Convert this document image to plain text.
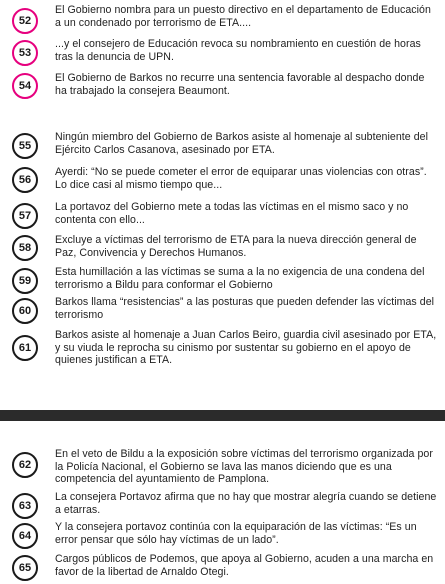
52
El Gobierno nombra para un puesto directivo en el departamento de Educación a un condenado por terrorismo de ETA....
53
...y el consejero de Educación revoca su nombramiento en cuestión de horas tras la denuncia de UPN.
54
El Gobierno de Barkos no recurre una sentencia favorable al despacho donde ha trabajado la consejera Beaumont.
55
Ningún miembro del Gobierno de Barkos asiste al homenaje al subteniente del Ejército Carlos Casanova, asesinado por ETA.
56
Ayerdi: “No se puede cometer el error de equiparar unas violencias con otras”. Lo dice casi al mismo tiempo que...
57
La portavoz del Gobierno mete a todas las víctimas en el mismo saco y no contenta con ello...
58
Excluye a víctimas del terrorismo de ETA para la nueva dirección general de Paz, Convivencia y Derechos Humanos.
59
Esta humillación a las víctimas se suma a la no exigencia de una condena del terrorismo a Bildu para conformar el Gobierno
60
Barkos llama “resistencias” a las posturas que pueden defender las víctimas del terrorismo
61
Barkos asiste al homenaje a Juan Carlos Beiro, guardia civil asesinado por ETA, y su viuda le reprocha su cinismo por sustentar su gobierno en el apoyo de quienes justifican a ETA.
62
En el veto de Bildu a la exposición sobre víctimas del terrorismo organizada por la Policía Nacional, el Gobierno se lava las manos diciendo que es una competencia del ayuntamiento de Pamplona.
63
La consejera Portavoz afirma que no hay que mostrar alegría cuando se detiene a etarras.
64
Y la consejera portavoz continúa con la equiparación de las víctimas: “Es un error pensar que sólo hay víctimas de un lado”.
65
Cargos públicos de Podemos, que apoya al Gobierno, acuden a una marcha en favor de la libertad de Arnaldo Otegi.
